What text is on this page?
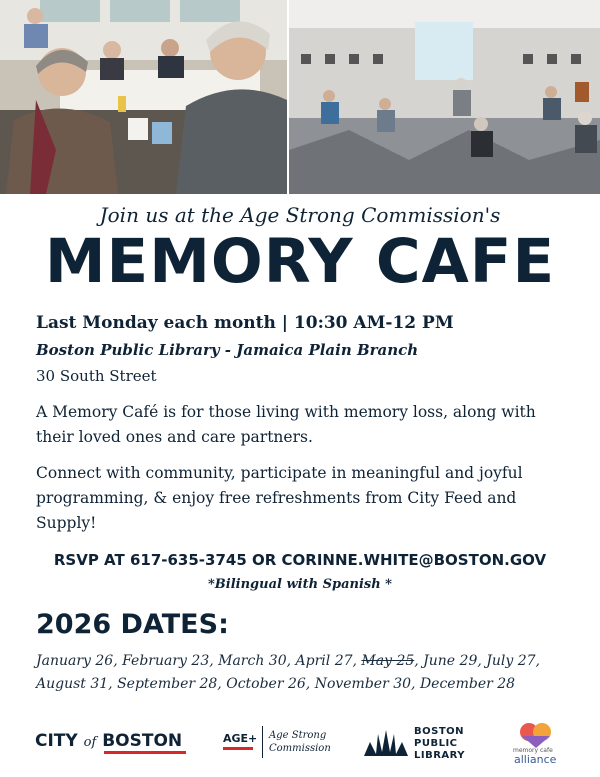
Join us at the Age Strong Commission's
MEMORY CAFE
Last Monday each month | 10:30 AM-12 PM
Boston Public Library - Jamaica Plain Branch
30 South Street
A Memory Café is for those living with memory loss, along with their loved ones and care partners.
Connect with community, participate in meaningful and joyful programming, & enjoy free refreshments from City Feed and Supply!
RSVP AT 617-635-3745 OR CORINNE.WHITE@BOSTON.GOV
*Bilingual with Spanish *
2026 DATES:
January 26, February 23, March 30, April 27, May 25, June 29, July 27, August 31, September 28, October 26, November 30, December 28
CITY of BOSTON	AGE+ Age Strong
Commission
BOSTON
PUBLIC
LIBRARY	memory cafe
alliance
